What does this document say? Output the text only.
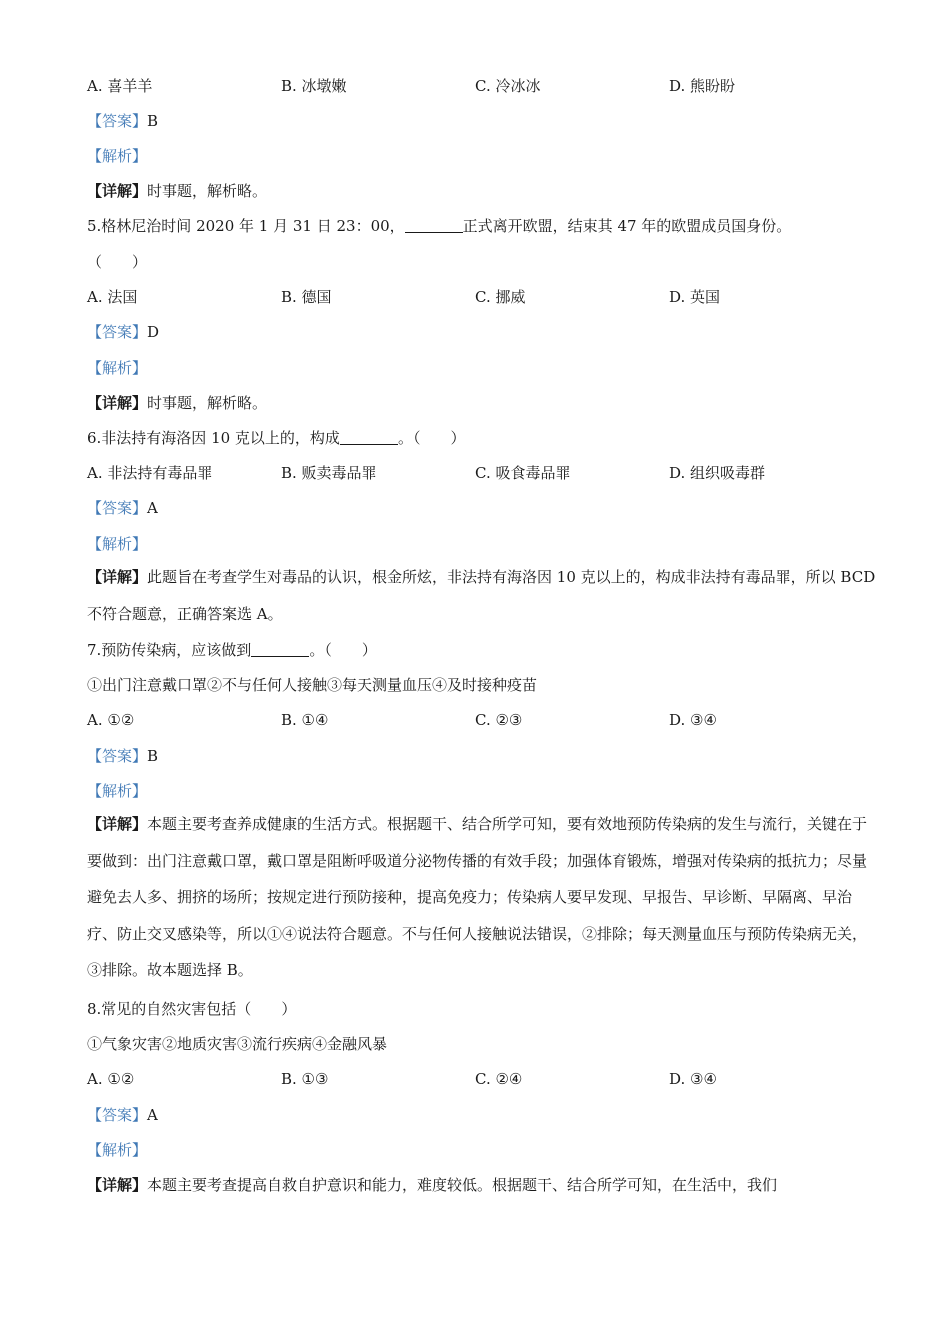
A. 喜羊羊	B. 冰墩嫩	C. 冷冰冰	D. 熊盼盼
【答案】B
【解析】
【详解】时事题，解析略。
5.格林尼治时间 2020 年 1 月 31 日 23：00，	正式离开欧盟，结束其 47 年的欧盟成员国身份。
（　　）
A. 法国	B. 德国	C. 挪威	D. 英国
【答案】D
【解析】
【详解】时事题，解析略。
6.非法持有海洛因 10 克以上的，构成	。（　　）
A. 非法持有毒品罪	B. 贩卖毒品罪	C. 吸食毒品罪	D. 组织吸毒群
【答案】A
【解析】
【详解】此题旨在考查学生对毒品的认识，根金所炫，非法持有海洛因 10 克以上的，构成非法持有毒品罪，所以 BCD 不符合题意，正确答案选 A。
7.预防传染病，应该做到	。（　　）
①出门注意戴口罩②不与任何人接触③每天测量血压④及时接种疫苗
A. ①②	B. ①④	C. ②③	D. ③④
【答案】B
【解析】
【详解】本题主要考查养成健康的生活方式。根据题干、结合所学可知，要有效地预防传染病的发生与流行，关键在于要做到：出门注意戴口罩，戴口罩是阻断呼吸道分泌物传播的有效手段；加强体育锻炼，增强对传染病的抵抗力；尽量避免去人多、拥挤的场所；按规定进行预防接种，提高免疫力；传染病人要早发现、早报告、早诊断、早隔离、早治疗、防止交叉感染等，所以①④说法符合题意。不与任何人接触说法错误，②排除；每天测量血压与预防传染病无关，③排除。故本题选择 B。
8.常见的自然灾害包括（　　）
①气象灾害②地质灾害③流行疾病④金融风暴
A. ①②	B. ①③	C. ②④	D. ③④
【答案】A
【解析】
【详解】本题主要考查提高自救自护意识和能力，难度较低。根据题干、结合所学可知，在生活中，我们
